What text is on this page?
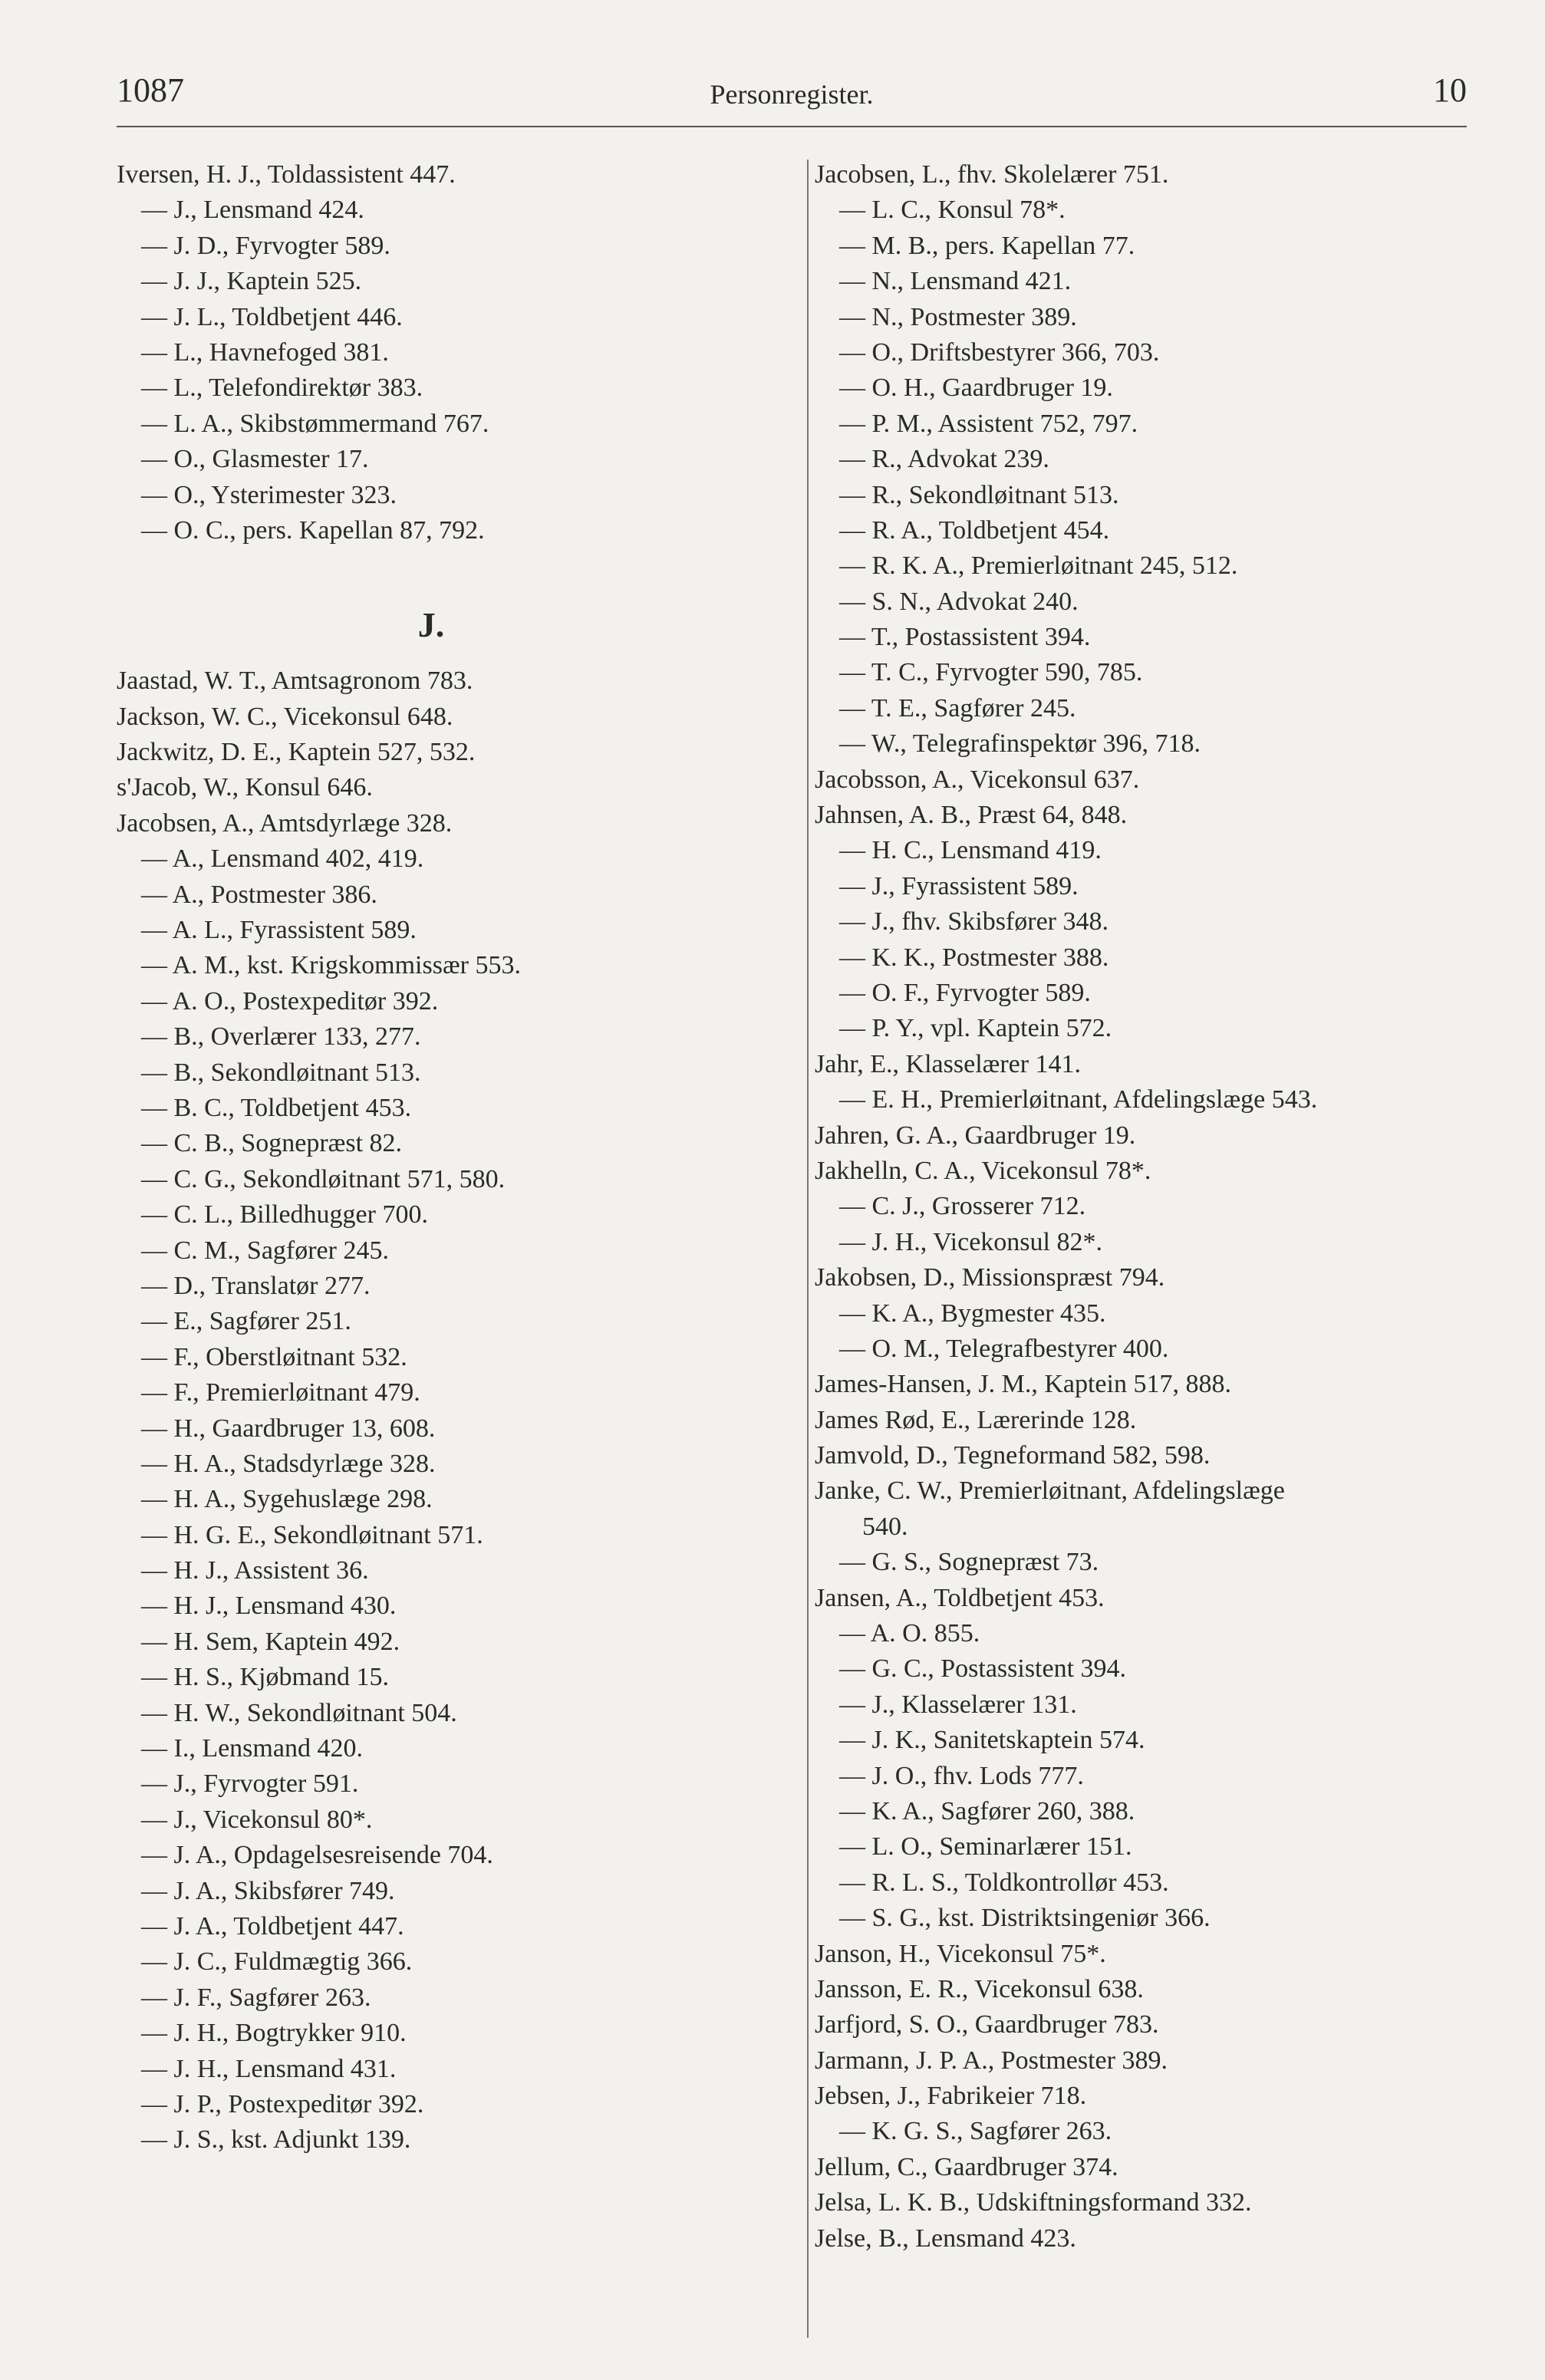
1087	Personregister.	10
Iversen, H. J., Toldassistent 447.
— J., Lensmand 424.
— J. D., Fyrvogter 589.
— J. J., Kaptein 525.
— J. L., Toldbetjent 446.
— L., Havnefoged 381.
— L., Telefondirektør 383.
— L. A., Skibstømmermand 767.
— O., Glasmester 17.
— O., Ysterimester 323.
— O. C., pers. Kapellan 87, 792.
J.
Jaastad, W. T., Amtsagronom 783.
Jackson, W. C., Vicekonsul 648.
Jackwitz, D. E., Kaptein 527, 532.
s'Jacob, W., Konsul 646.
Jacobsen, A., Amtsdyrlæge 328.
— A., Lensmand 402, 419.
— A., Postmester 386.
— A. L., Fyrassistent 589.
— A. M., kst. Krigskommissær 553.
— A. O., Postexpeditør 392.
— B., Overlærer 133, 277.
— B., Sekondløitnant 513.
— B. C., Toldbetjent 453.
— C. B., Sognepræst 82.
— C. G., Sekondløitnant 571, 580.
— C. L., Billedhugger 700.
— C. M., Sagfører 245.
— D., Translatør 277.
— E., Sagfører 251.
— F., Oberstløitnant 532.
— F., Premierløitnant 479.
— H., Gaardbruger 13, 608.
— H. A., Stadsdyrlæge 328.
— H. A., Sygehuslæge 298.
— H. G. E., Sekondløitnant 571.
— H. J., Assistent 36.
— H. J., Lensmand 430.
— H. Sem, Kaptein 492.
— H. S., Kjøbmand 15.
— H. W., Sekondløitnant 504.
— I., Lensmand 420.
— J., Fyrvogter 591.
— J., Vicekonsul 80*.
— J. A., Opdagelsesreisende 704.
— J. A., Skibsfører 749.
— J. A., Toldbetjent 447.
— J. C., Fuldmægtig 366.
— J. F., Sagfører 263.
— J. H., Bogtrykker 910.
— J. H., Lensmand 431.
— J. P., Postexpeditør 392.
— J. S., kst. Adjunkt 139.
Jacobsen, L., fhv. Skolelærer 751.
— L. C., Konsul 78*.
— M. B., pers. Kapellan 77.
— N., Lensmand 421.
— N., Postmester 389.
— O., Driftsbestyrer 366, 703.
— O. H., Gaardbruger 19.
— P. M., Assistent 752, 797.
— R., Advokat 239.
— R., Sekondløitnant 513.
— R. A., Toldbetjent 454.
— R. K. A., Premierløitnant 245, 512.
— S. N., Advokat 240.
— T., Postassistent 394.
— T. C., Fyrvogter 590, 785.
— T. E., Sagfører 245.
— W., Telegrafinspektør 396, 718.
Jacobsson, A., Vicekonsul 637.
Jahnsen, A. B., Præst 64, 848.
— H. C., Lensmand 419.
— J., Fyrassistent 589.
— J., fhv. Skibsfører 348.
— K. K., Postmester 388.
— O. F., Fyrvogter 589.
— P. Y., vpl. Kaptein 572.
Jahr, E., Klasselærer 141.
— E. H., Premierløitnant, Afdelingslæge 543.
Jahren, G. A., Gaardbruger 19.
Jakhelln, C. A., Vicekonsul 78*.
— C. J., Grosserer 712.
— J. H., Vicekonsul 82*.
Jakobsen, D., Missionspræst 794.
— K. A., Bygmester 435.
— O. M., Telegrafbestyrer 400.
James-Hansen, J. M., Kaptein 517, 888.
James Rød, E., Lærerinde 128.
Jamvold, D., Tegneformand 582, 598.
Janke, C. W., Premierløitnant, Afdelingslæge
540.
— G. S., Sognepræst 73.
Jansen, A., Toldbetjent 453.
— A. O. 855.
— G. C., Postassistent 394.
— J., Klasselærer 131.
— J. K., Sanitetskaptein 574.
— J. O., fhv. Lods 777.
— K. A., Sagfører 260, 388.
— L. O., Seminarlærer 151.
— R. L. S., Toldkontrollør 453.
— S. G., kst. Distriktsingeniør 366.
Janson, H., Vicekonsul 75*.
Jansson, E. R., Vicekonsul 638.
Jarfjord, S. O., Gaardbruger 783.
Jarmann, J. P. A., Postmester 389.
Jebsen, J., Fabrikeier 718.
— K. G. S., Sagfører 263.
Jellum, C., Gaardbruger 374.
Jelsa, L. K. B., Udskiftningsformand 332.
Jelse, B., Lensmand 423.
